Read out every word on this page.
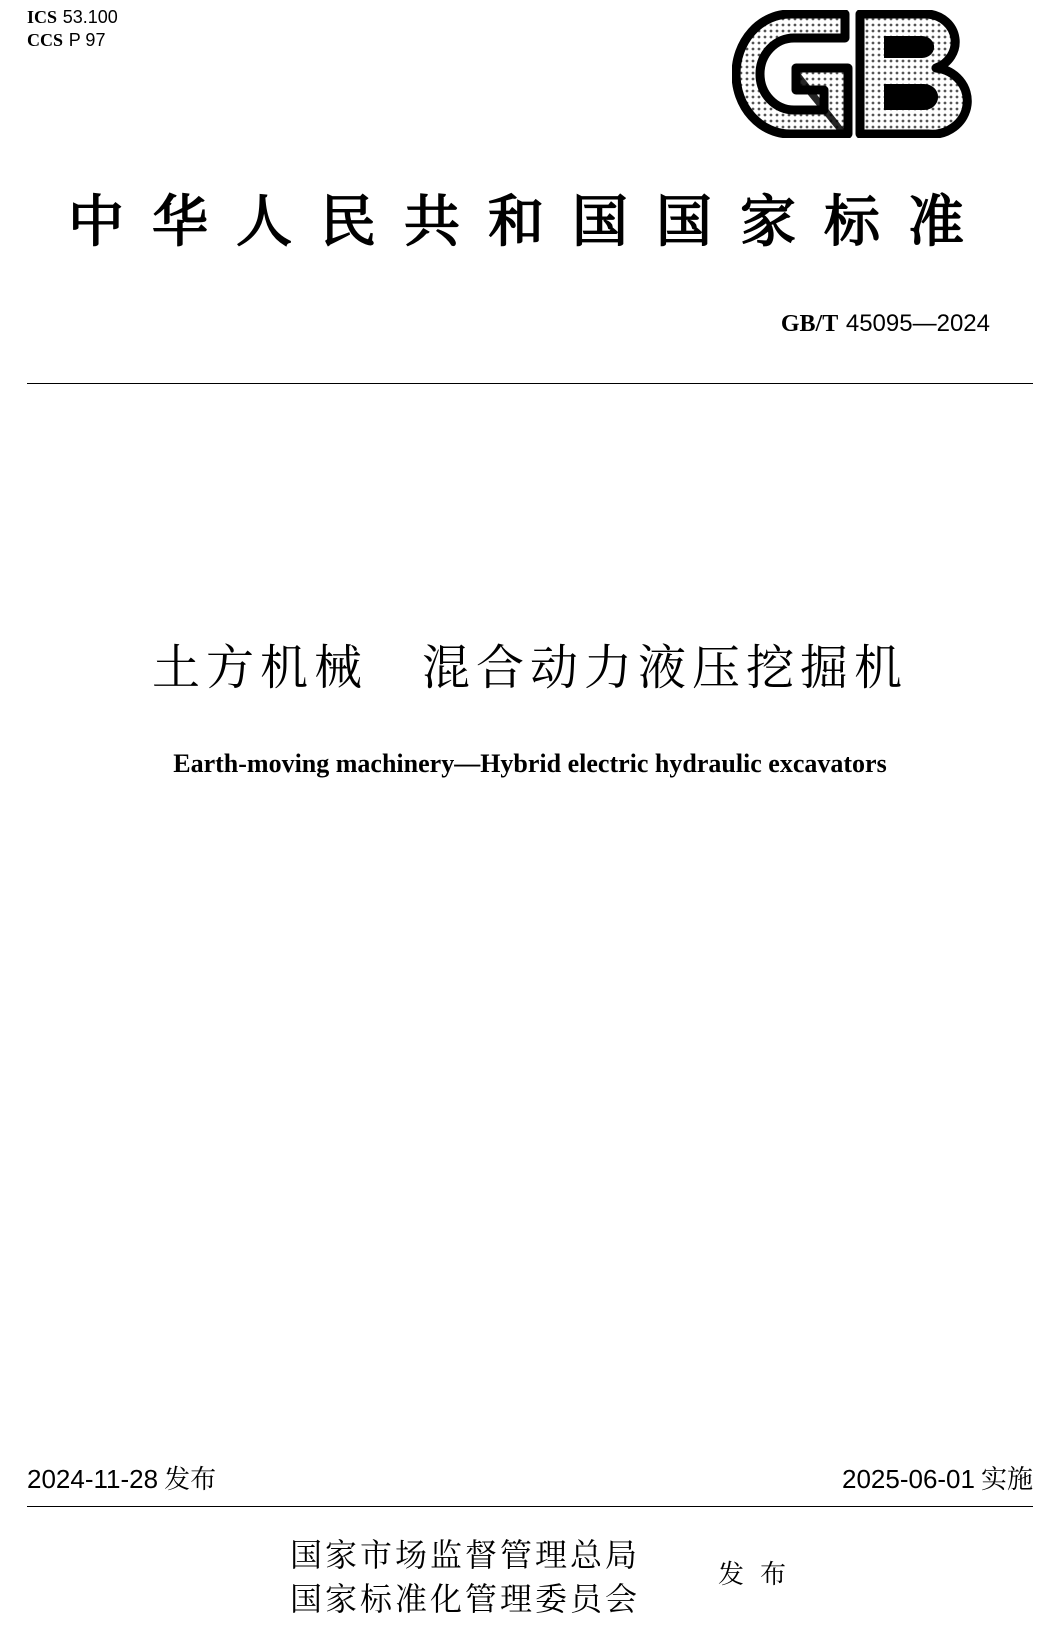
ICS 53.100
CCS P 97
中华人民共和国国家标准
GB/T 45095—2024
土方机械　混合动力液压挖掘机
Earth-moving machinery—Hybrid electric hydraulic excavators
2024-11-28 发布	2025-06-01 实施
国家市场监督管理总局
国家标准化管理委员会
发布
